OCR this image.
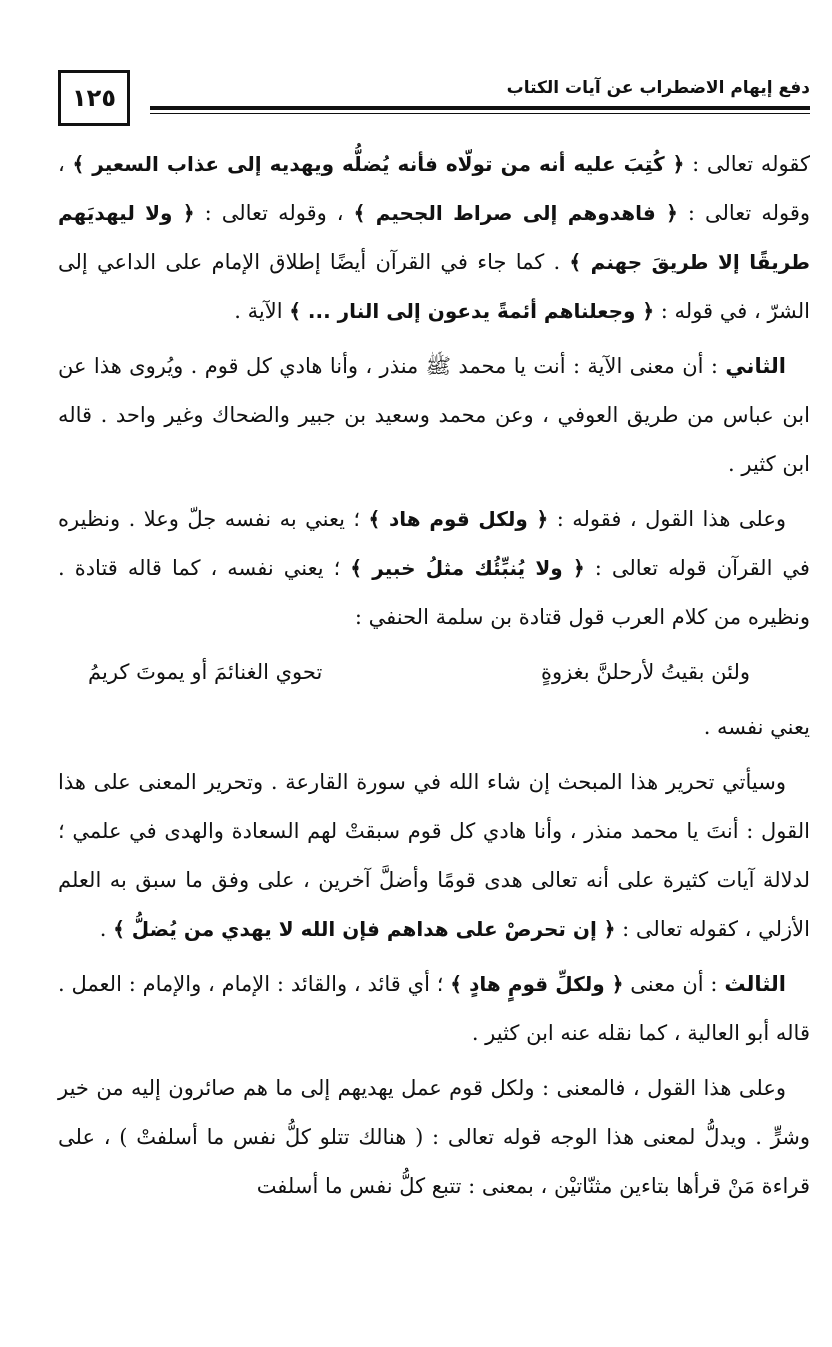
١٢٥	دفع إيهام الاضطراب عن آيات الكتاب

كقوله تعالى : ﴿ كُتِبَ عليه أنه من تولّاه فأنه يُضلُّه ويهديه إلى عذاب السعير ﴾ ، وقوله تعالى : ﴿ فاهدوهم إلى صراط الجحيم ﴾ ، وقوله تعالى : ﴿ ولا ليهديَهم طريقًا إلا طريقَ جهنم ﴾ . كما جاء في القرآن أيضًا إطلاق الإمام على الداعي إلى الشرّ ، في قوله : ﴿ وجعلناهم أئمةً يدعون إلى النار ... ﴾ الآية .

الثاني : أن معنى الآية : أنت يا محمد ﷺ منذر ، وأنا هادي كل قوم . ويُروى هذا عن ابن عباس من طريق العوفي ، وعن محمد وسعيد بن جبير والضحاك وغير واحد . قاله ابن كثير .

وعلى هذا القول ، فقوله : ﴿ ولكل قوم هاد ﴾ ؛ يعني به نفسه جلّ وعلا . ونظيره في القرآن قوله تعالى : ﴿ ولا يُنبِّئُك مثلُ خبير ﴾ ؛ يعني نفسه ، كما قاله قتادة . ونظيره من كلام العرب قول قتادة بن سلمة الحنفي :

ولئن بقيتُ لأرحلنَّ بغزوةٍ
تحوي الغنائمَ أو يموتَ كريمُ

يعني نفسه .

وسيأتي تحرير هذا المبحث إن شاء الله في سورة القارعة . وتحرير المعنى على هذا القول : أنتَ يا محمد منذر ، وأنا هادي كل قوم سبقتْ لهم السعادة والهدى في علمي ؛ لدلالة آيات كثيرة على أنه تعالى هدى قومًا وأضلَّ آخرين ، على وفق ما سبق به العلم الأزلي ، كقوله تعالى : ﴿ إن تحرصْ على هداهم فإن الله لا يهدي من يُضلُّ ﴾ .

الثالث : أن معنى ﴿ ولكلِّ قومٍ هادٍ ﴾ ؛ أي قائد ، والقائد : الإمام ، والإمام : العمل . قاله أبو العالية ، كما نقله عنه ابن كثير .

وعلى هذا القول ، فالمعنى : ولكل قوم عمل يهديهم إلى ما هم صائرون إليه من خير وشرٍّ . ويدلُّ لمعنى هذا الوجه قوله تعالى : ( هنالك تتلو كلُّ نفس ما أسلفتْ ) ، على قراءة مَنْ قرأها بتاءين مثنّاتيْن ، بمعنى : تتبع كلُّ نفس ما أسلفت
